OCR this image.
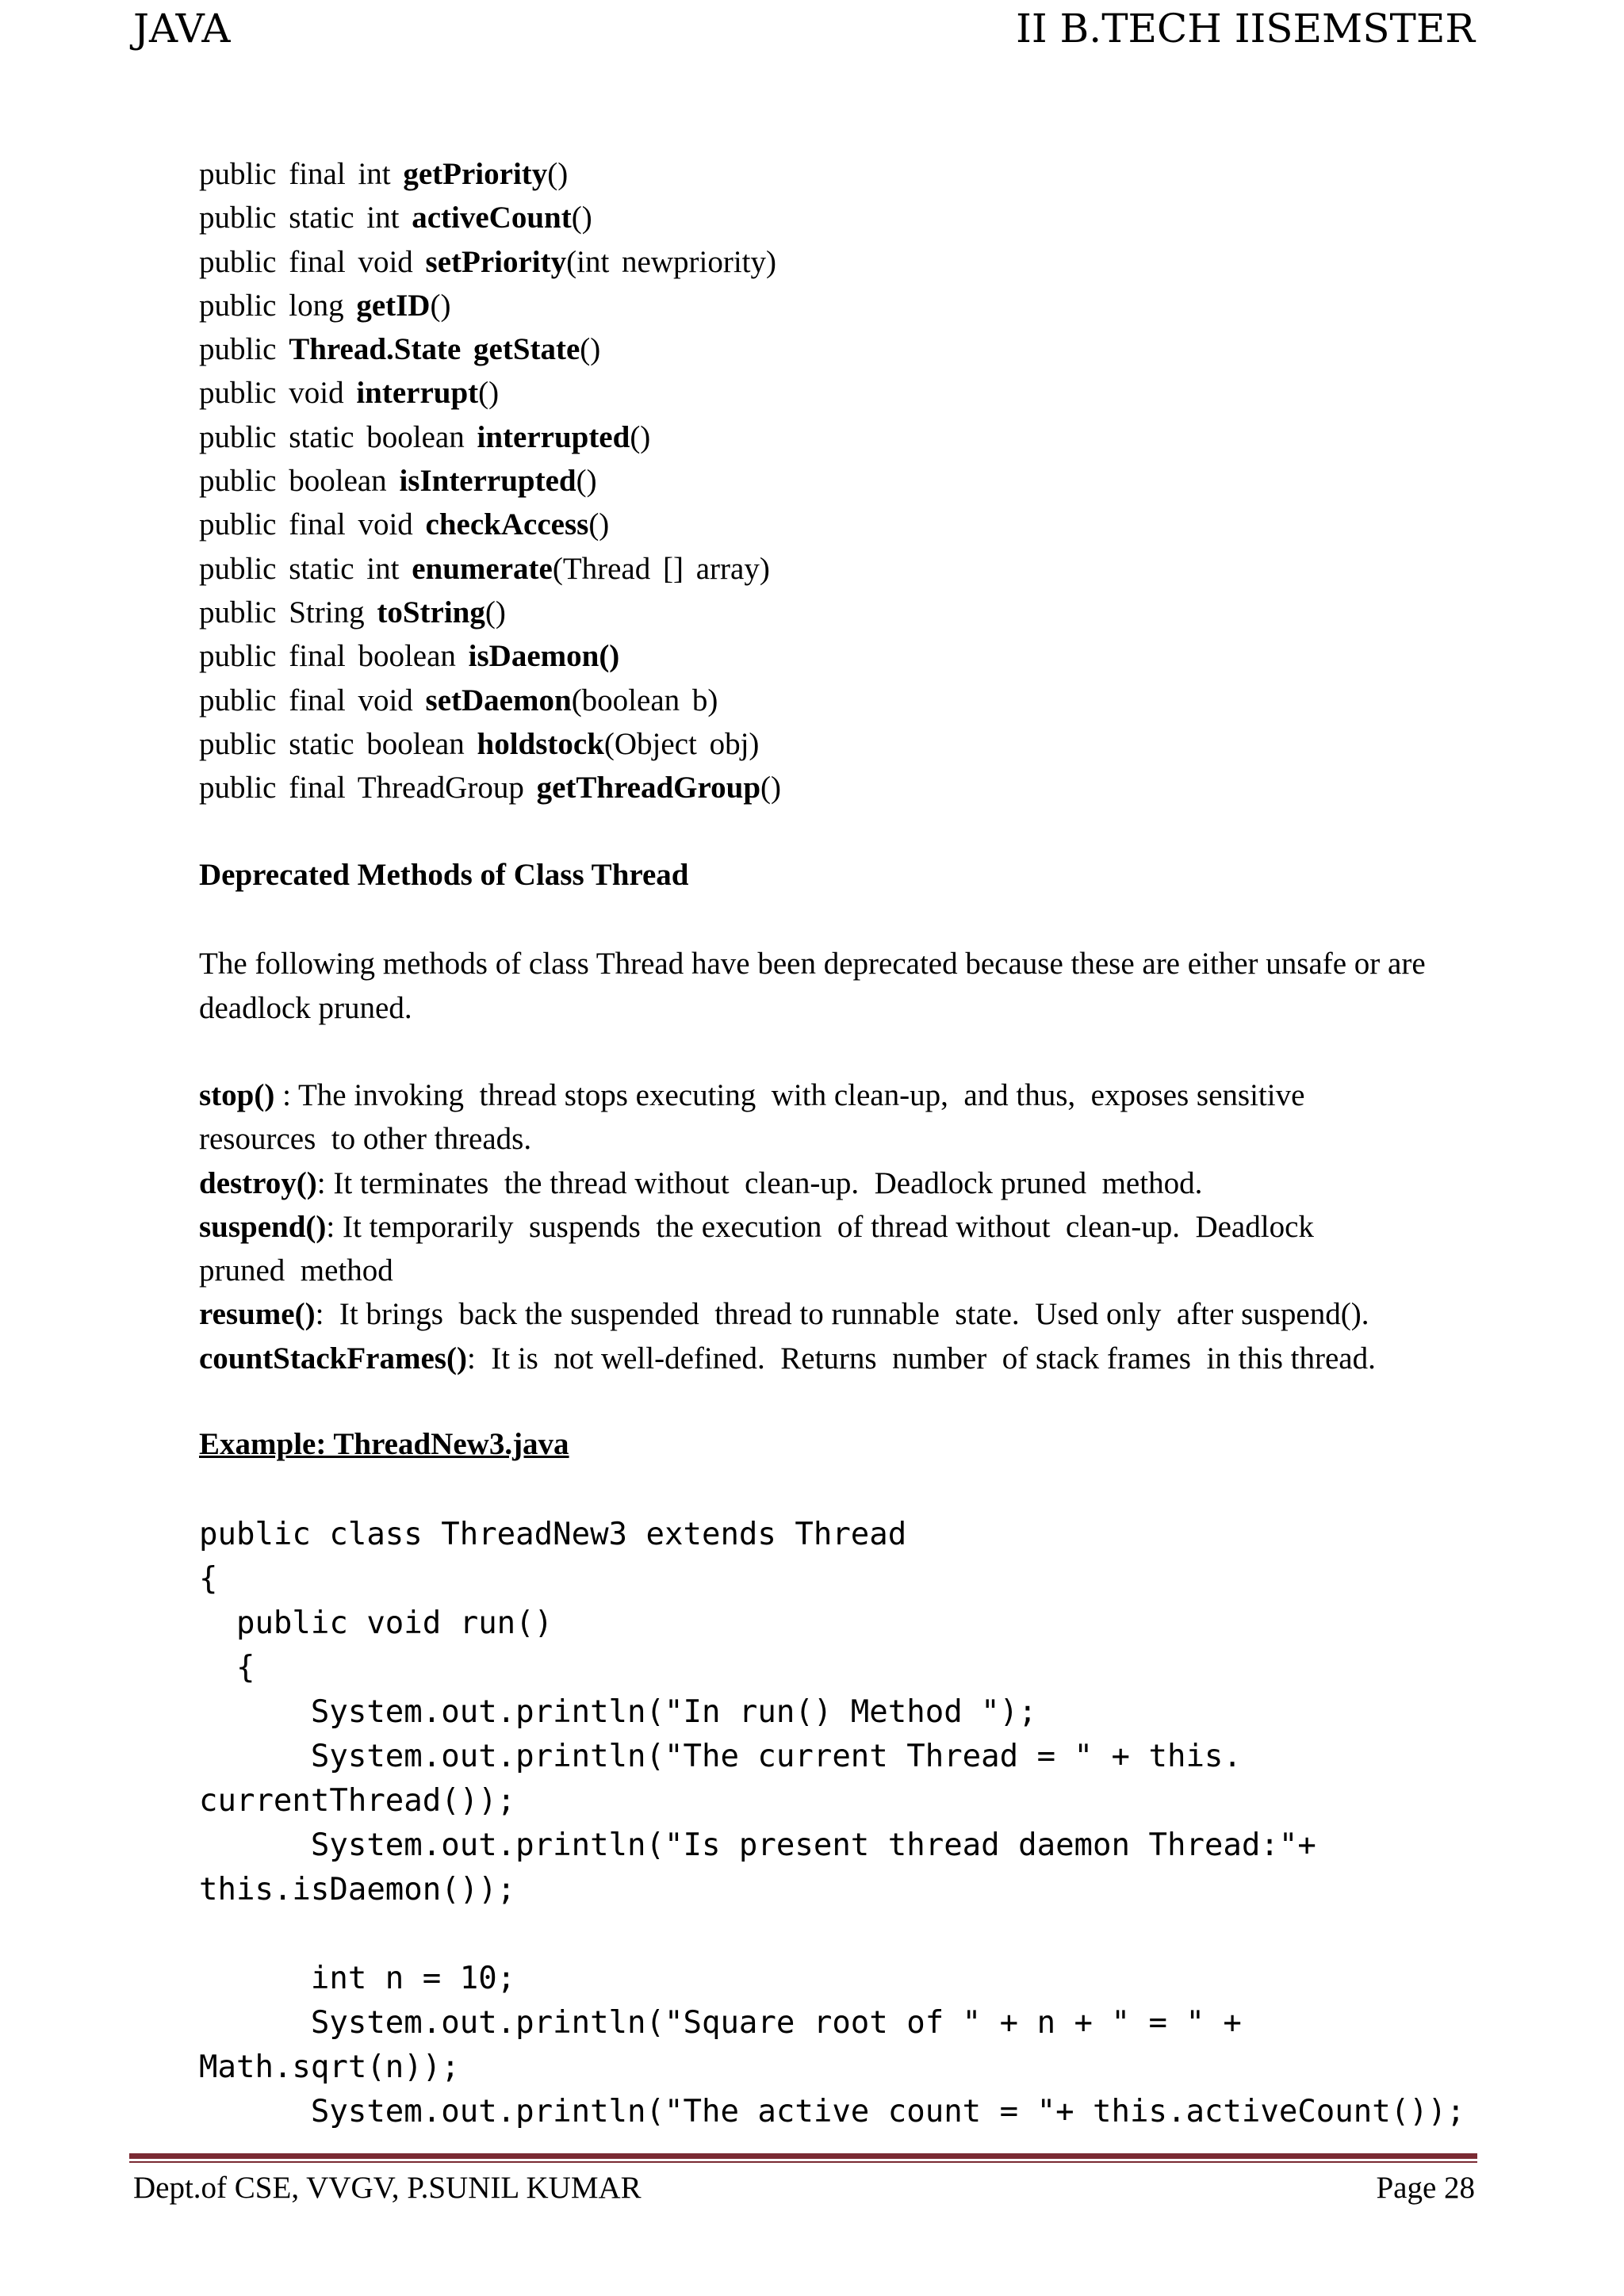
JAVA	II B.TECH IISEMSTER
public final int getPriority()
public static int activeCount()
public final void setPriority(int newpriority)
public long getID()
public Thread.State getState()
public void interrupt()
public static boolean interrupted()
public boolean isInterrupted()
public final void checkAccess()
public static int enumerate(Thread [] array)
public String toString()
public final boolean isDaemon()
public final void setDaemon(boolean b)
public static boolean holdstock(Object obj)
public final ThreadGroup getThreadGroup()
Deprecated Methods of Class Thread
The following methods of class Thread have been deprecated because these are either unsafe or are deadlock pruned.
stop() : The invoking  thread stops executing  with clean-up,  and thus,  exposes sensitive
resources  to other threads.
destroy(): It terminates  the thread without  clean-up.  Deadlock pruned  method.
suspend(): It temporarily  suspends  the execution  of thread without  clean-up.  Deadlock
pruned  method
resume():  It brings  back the suspended  thread to runnable  state.  Used only  after suspend().
countStackFrames():  It is  not well-defined.  Returns  number  of stack frames  in this thread.
Example: ThreadNew3.java
public class ThreadNew3 extends Thread
{
public void run()
{
System.out.println("In run() Method ");
System.out.println("The current Thread = " + this.
currentThread());
System.out.println("Is present thread daemon Thread:"+
this.isDaemon());
int n = 10;
System.out.println("Square root of " + n + " = " +
Math.sqrt(n));
System.out.println("The active count = "+ this.activeCount());
Dept.of CSE, VVGV, P.SUNIL KUMAR	Page 28
